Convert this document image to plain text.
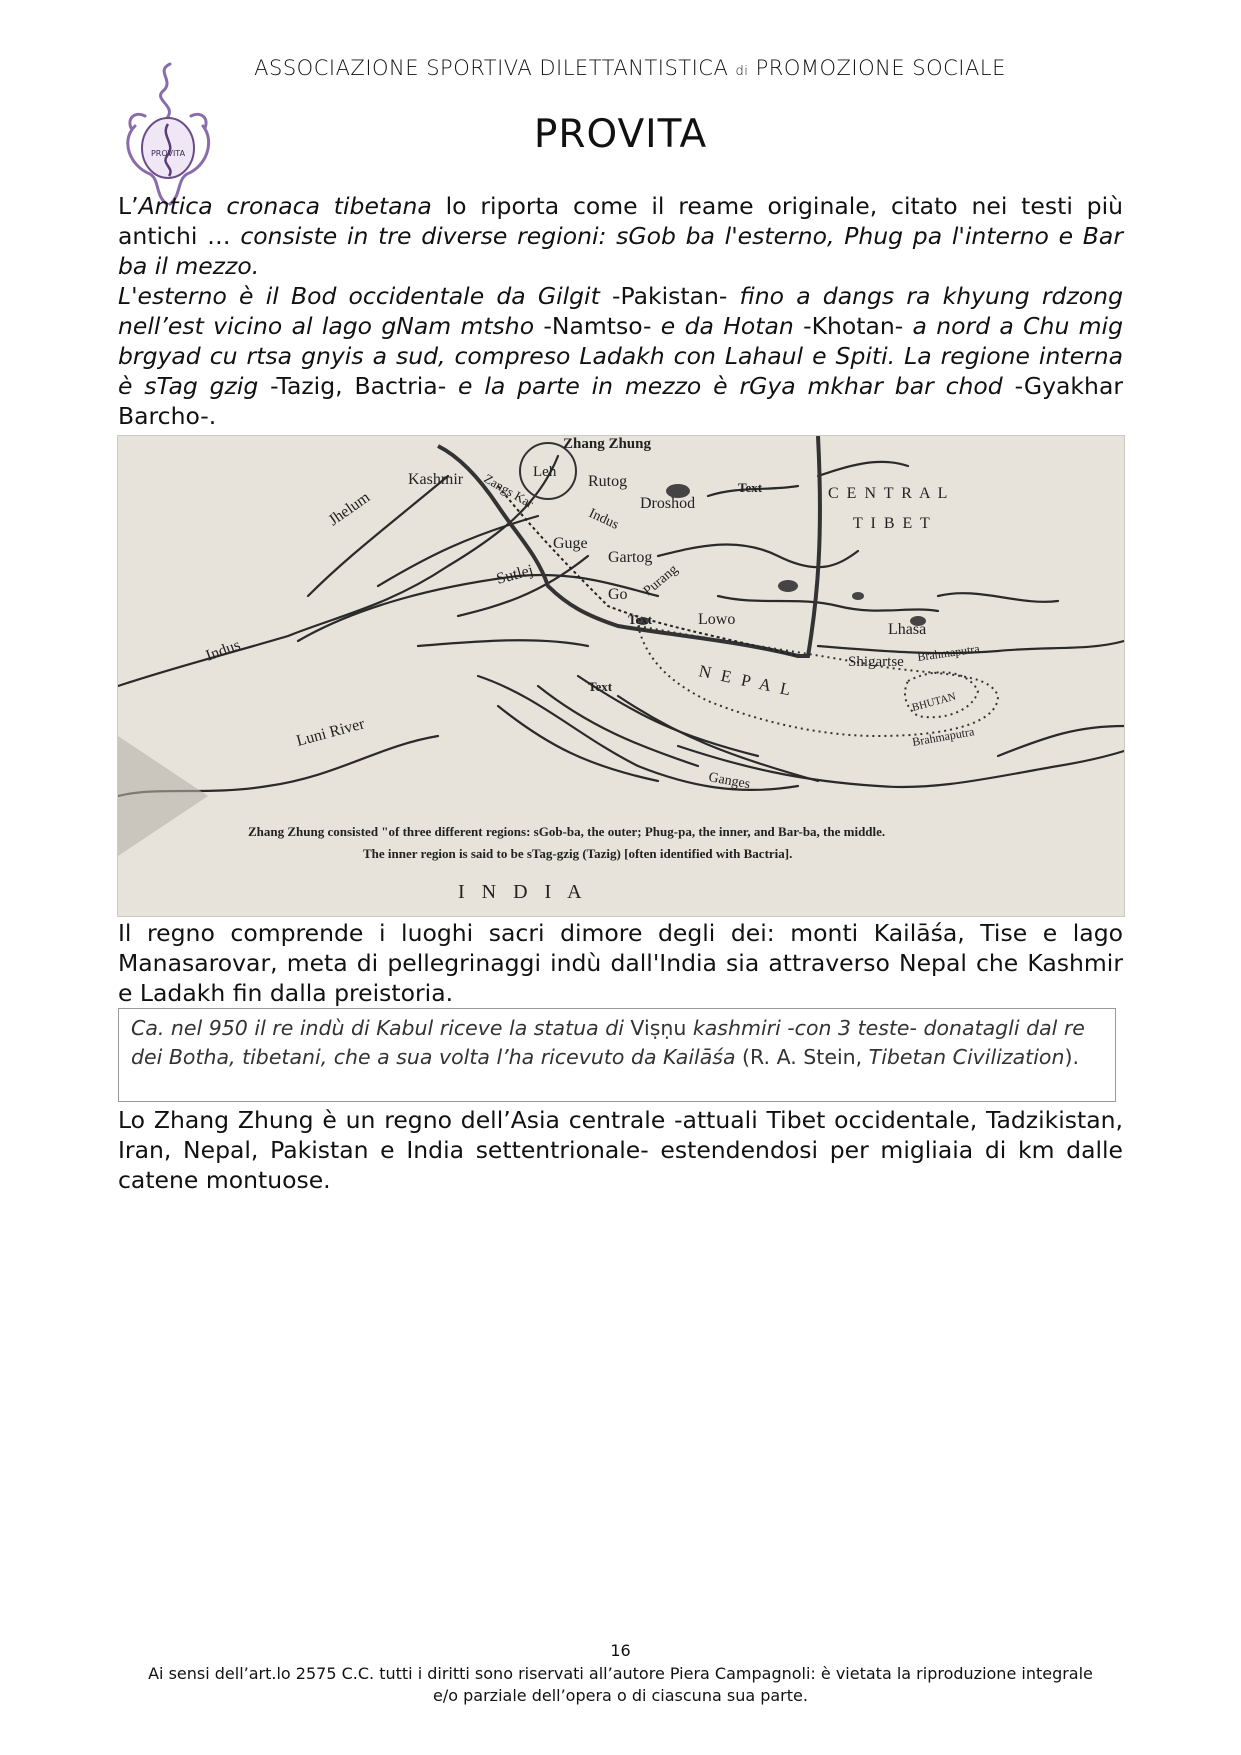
PROVITA
ASSOCIAZIONE SPORTIVA DILETTANTISTICA di PROMOZIONE SOCIALE
PROVITA

L’Antica cronaca tibetana lo riporta come il reame originale, citato nei testi più antichi … consiste in tre diverse regioni: sGob ba l'esterno, Phug pa l'interno e Bar ba il mezzo.

L'esterno è il Bod occidentale da Gilgit -Pakistan- fino a dangs ra khyung rdzong nell’est vicino al lago gNam mtsho -Namtso- e da Hotan -Khotan- a nord a Chu mig brgyad cu rtsa gnyis a sud, compreso Ladakh con Lahaul e Spiti. La regione interna è sTag gzig -Tazig, Bactria- e la parte in mezzo è rGya mkhar bar chod -Gyakhar Barcho-.

Zhang Zhung
Leh
Kashmir Zangs Kar
Jhelum
Rutog
Droshod
Indus
Guge
Gartog
Sutlej	Purang
Go
Lowo
Text
Text
Text
C E N T R A L
T I B E T
Lhasa
Shigartse Brahmaputra
Brahmaputra
N E P A L
BHUTAN
Indus
Luni River
Ganges
Zhang Zhung consisted "of three different regions: sGob-ba, the outer; Phug-pa, the inner, and Bar-ba, the middle.
The inner region is said to be sTag-gzig (Tazig) [often identified with Bactria].
I N D I A

Il regno comprende i luoghi sacri dimore degli dei: monti Kailāśa, Tise e lago Manasarovar, meta di pellegrinaggi indù dall'India sia attraverso Nepal che Kashmir e Ladakh fin dalla preistoria.

Ca. nel 950 il re indù di Kabul riceve la statua di Viṣṇu kashmiri -con 3 teste- donatagli dal re dei Botha, tibetani, che a sua volta l’ha ricevuto da Kailāśa (R. A. Stein, Tibetan Civilization).

Lo Zhang Zhung è un regno dell’Asia centrale -attuali Tibet occidentale, Tadzikistan, Iran, Nepal, Pakistan e India settentrionale- estendendosi per migliaia di km dalle catene montuose.

16
Ai sensi dell’art.lo 2575 C.C. tutti i diritti sono riservati all’autore Piera Campagnoli: è vietata la riproduzione integrale
e/o parziale dell’opera o di ciascuna sua parte.
